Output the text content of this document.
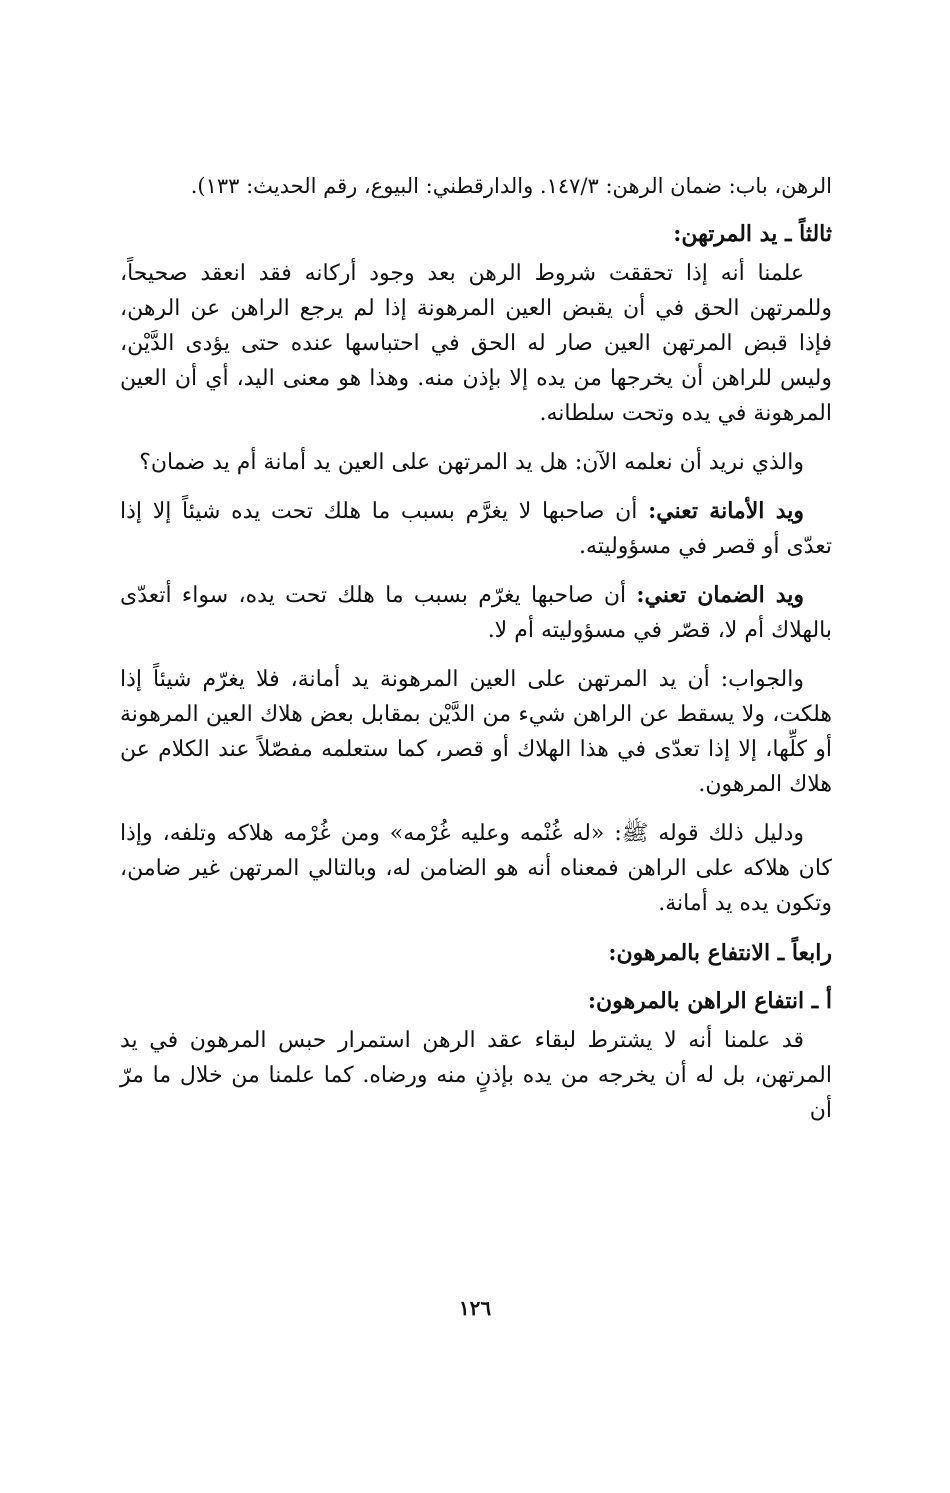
الرهن، باب: ضمان الرهن: ١٤٧/٣. والدارقطني: البيوع، رقم الحديث: ١٣٣).
ثالثاً ـ يد المرتهن:

علمنا أنه إذا تحققت شروط الرهن بعد وجود أركانه فقد انعقد صحيحاً، وللمرتهن الحق في أن يقبض العين المرهونة إذا لم يرجع الراهن عن الرهن، فإذا قبض المرتهن العين صار له الحق في احتباسها عنده حتى يؤدى الدَّيْن، وليس للراهن أن يخرجها من يده إلا بإذن منه. وهذا هو معنى اليد، أي أن العين المرهونة في يده وتحت سلطانه.

والذي نريد أن نعلمه الآن: هل يد المرتهن على العين يد أمانة أم يد ضمان؟

ويد الأمانة تعني: أن صاحبها لا يغرَّم بسبب ما هلك تحت يده شيئاً إلا إذا تعدّى أو قصر في مسؤوليته.

ويد الضمان تعني: أن صاحبها يغرّم بسبب ما هلك تحت يده، سواء أتعدّى بالهلاك أم لا، قصّر في مسؤوليته أم لا.

والجواب: أن يد المرتهن على العين المرهونة يد أمانة، فلا يغرّم شيئاً إذا هلكت، ولا يسقط عن الراهن شيء من الدَّيْن بمقابل بعض هلاك العين المرهونة أو كلِّها، إلا إذا تعدّى في هذا الهلاك أو قصر، كما ستعلمه مفصّلاً عند الكلام عن هلاك المرهون.

ودليل ذلك قوله ﷺ: «له غُنْمه وعليه غُرْمه» ومن غُرْمه هلاكه وتلفه، وإذا كان هلاكه على الراهن فمعناه أنه هو الضامن له، وبالتالي المرتهن غير ضامن، وتكون يده يد أمانة.

رابعاً ـ الانتفاع بالمرهون:
أ ـ انتفاع الراهن بالمرهون:

قد علمنا أنه لا يشترط لبقاء عقد الرهن استمرار حبس المرهون في يد المرتهن، بل له أن يخرجه من يده بإذنٍ منه ورضاه. كما علمنا من خلال ما مرّ أن

١٢٦
